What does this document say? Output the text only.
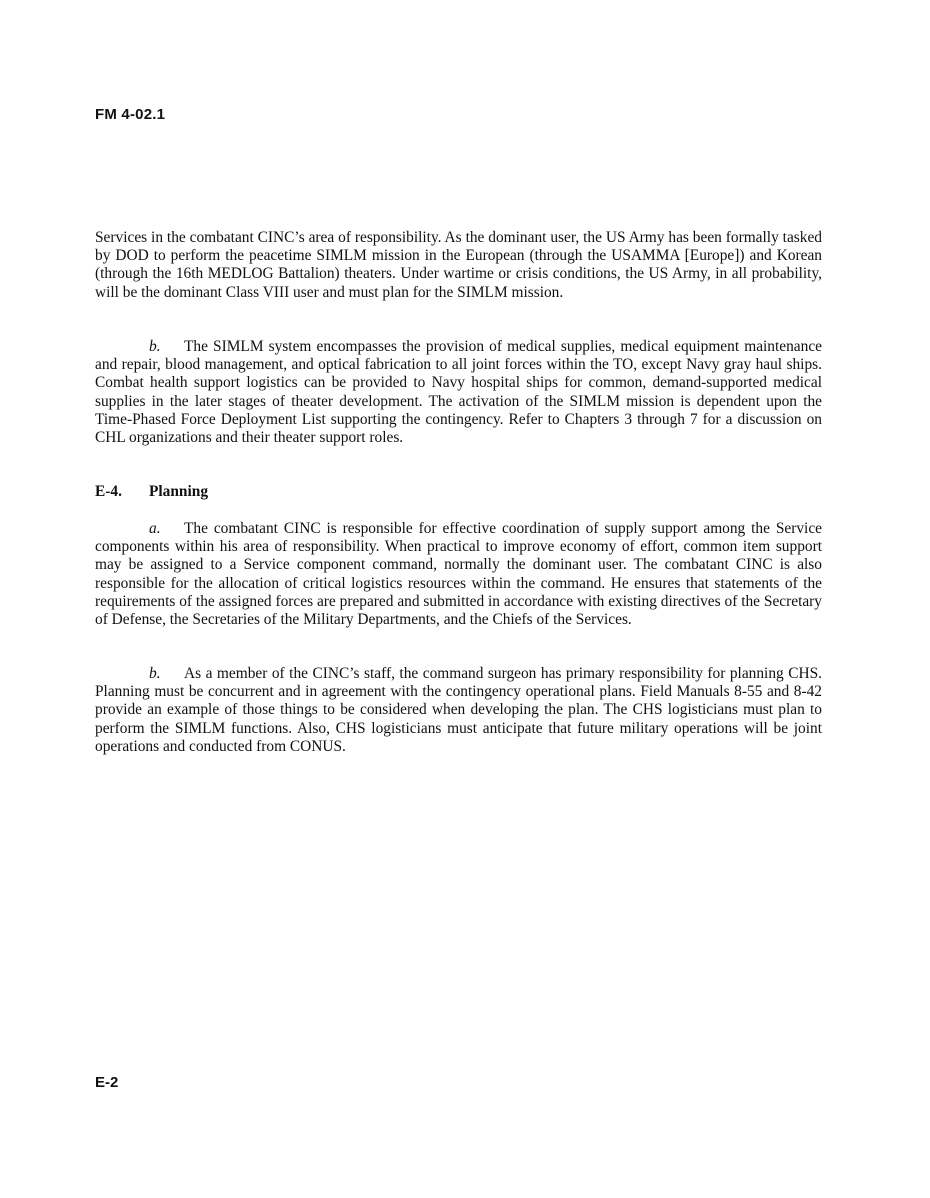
FM 4-02.1

Services in the combatant CINC’s area of responsibility. As the dominant user, the US Army has been formally tasked by DOD to perform the peacetime SIMLM mission in the European (through the USAMMA [Europe]) and Korean (through the 16th MEDLOG Battalion) theaters. Under wartime or crisis conditions, the US Army, in all probability, will be the dominant Class VIII user and must plan for the SIMLM mission.

b. The SIMLM system encompasses the provision of medical supplies, medical equipment maintenance and repair, blood management, and optical fabrication to all joint forces within the TO, except Navy gray haul ships. Combat health support logistics can be provided to Navy hospital ships for common, demand-supported medical supplies in the later stages of theater development. The activation of the SIMLM mission is dependent upon the Time-Phased Force Deployment List supporting the contingency. Refer to Chapters 3 through 7 for a discussion on CHL organizations and their theater support roles.

E-4. Planning

a. The combatant CINC is responsible for effective coordination of supply support among the Service components within his area of responsibility. When practical to improve economy of effort, common item support may be assigned to a Service component command, normally the dominant user. The combatant CINC is also responsible for the allocation of critical logistics resources within the command. He ensures that statements of the requirements of the assigned forces are prepared and submitted in accordance with existing directives of the Secretary of Defense, the Secretaries of the Military Departments, and the Chiefs of the Services.

b. As a member of the CINC’s staff, the command surgeon has primary responsibility for planning CHS. Planning must be concurrent and in agreement with the contingency operational plans. Field Manuals 8-55 and 8-42 provide an example of those things to be considered when developing the plan. The CHS logisticians must plan to perform the SIMLM functions. Also, CHS logisticians must anticipate that future military operations will be joint operations and conducted from CONUS.

E-2
